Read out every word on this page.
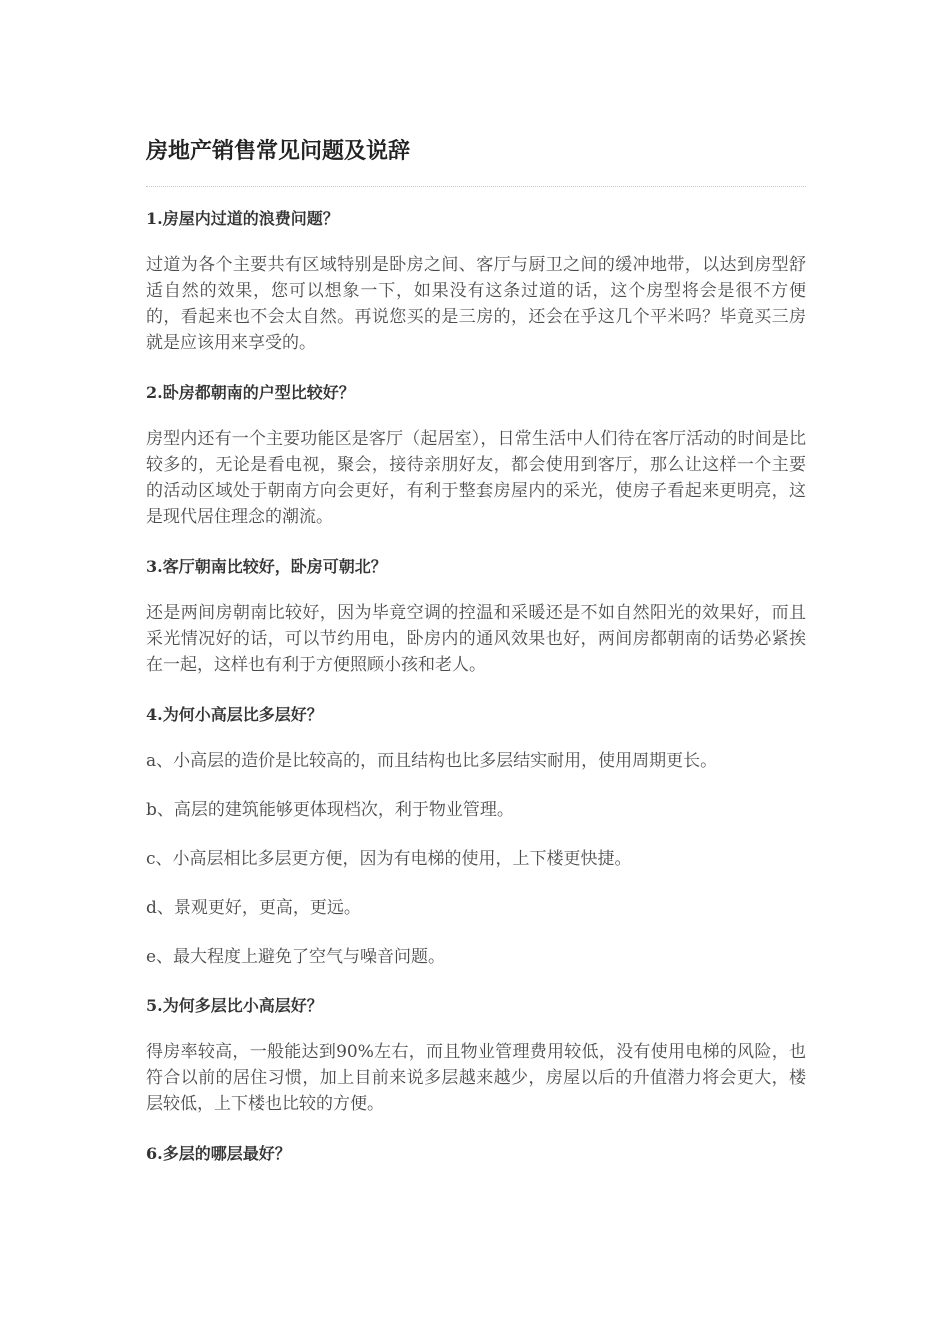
房地产销售常见问题及说辞
1.房屋内过道的浪费问题？
过道为各个主要共有区域特别是卧房之间、客厅与厨卫之间的缓冲地带，以达到房型舒适自然的效果，您可以想象一下，如果没有这条过道的话，这个房型将会是很不方便的，看起来也不会太自然。再说您买的是三房的，还会在乎这几个平米吗？毕竟买三房就是应该用来享受的。
2.卧房都朝南的户型比较好？
房型内还有一个主要功能区是客厅（起居室），日常生活中人们待在客厅活动的时间是比较多的，无论是看电视，聚会，接待亲朋好友，都会使用到客厅，那么让这样一个主要的活动区域处于朝南方向会更好，有利于整套房屋内的采光，使房子看起来更明亮，这是现代居住理念的潮流。
3.客厅朝南比较好，卧房可朝北？
还是两间房朝南比较好，因为毕竟空调的控温和采暖还是不如自然阳光的效果好，而且采光情况好的话，可以节约用电，卧房内的通风效果也好，两间房都朝南的话势必紧挨在一起，这样也有利于方便照顾小孩和老人。
4.为何小高层比多层好？
a、小高层的造价是比较高的，而且结构也比多层结实耐用，使用周期更长。
b、高层的建筑能够更体现档次，利于物业管理。
c、小高层相比多层更方便，因为有电梯的使用，上下楼更快捷。
d、景观更好，更高，更远。
e、最大程度上避免了空气与噪音问题。
5.为何多层比小高层好？
得房率较高，一般能达到90%左右，而且物业管理费用较低，没有使用电梯的风险，也符合以前的居住习惯，加上目前来说多层越来越少，房屋以后的升值潜力将会更大，楼层较低，上下楼也比较的方便。
6.多层的哪层最好？
